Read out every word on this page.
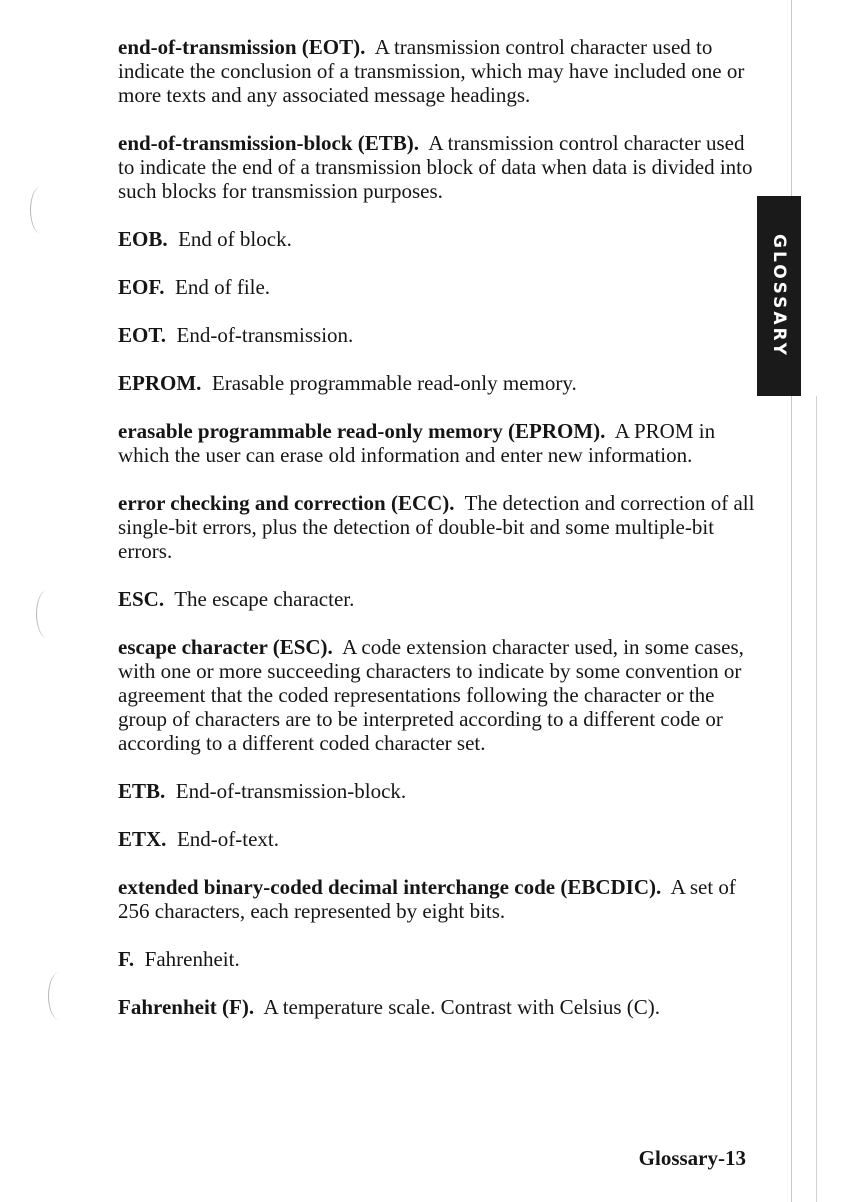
end-of-transmission (EOT). A transmission control character used to indicate the conclusion of a transmission, which may have included one or more texts and any associated message headings.

end-of-transmission-block (ETB). A transmission control character used to indicate the end of a transmission block of data when data is divided into such blocks for transmission purposes.

EOB. End of block.

EOF. End of file.

EOT. End-of-transmission.

EPROM. Erasable programmable read-only memory.

erasable programmable read-only memory (EPROM). A PROM in which the user can erase old information and enter new information.

error checking and correction (ECC). The detection and correction of all single-bit errors, plus the detection of double-bit and some multiple-bit errors.

ESC. The escape character.

escape character (ESC). A code extension character used, in some cases, with one or more succeeding characters to indicate by some convention or agreement that the coded representations following the character or the group of characters are to be interpreted according to a different code or according to a different coded character set.

ETB. End-of-transmission-block.

ETX. End-of-text.

extended binary-coded decimal interchange code (EBCDIC). A set of 256 characters, each represented by eight bits.

F. Fahrenheit.

Fahrenheit (F). A temperature scale. Contrast with Celsius (C).

GLOSSARY
Glossary-13
